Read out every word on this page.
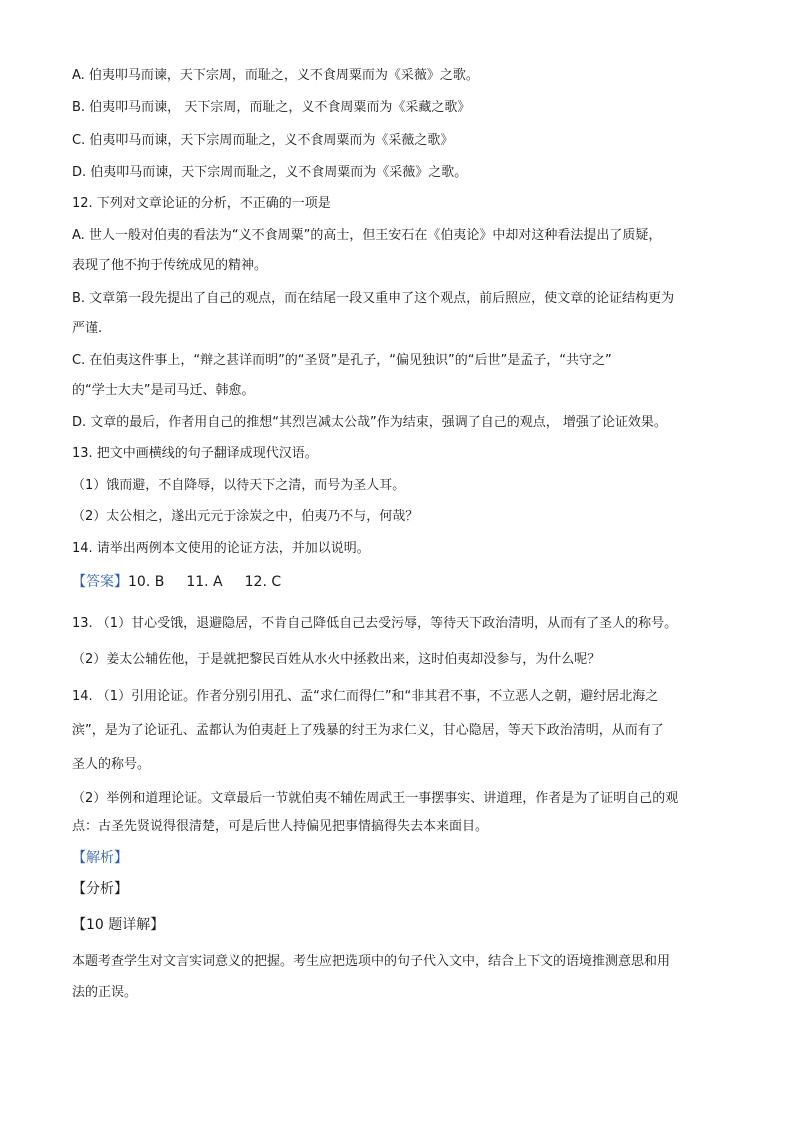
A. 伯夷叩马而谏，天下宗周，而耻之，义不食周粟而为《采薇》之歌。
B. 伯夷叩马而谏， 天下宗周，而耻之，义不食周粟而为《采藏之歌》
C. 伯夷叩马而谏，天下宗周而耻之，义不食周粟而为《采薇之歌》
D. 伯夷叩马而谏，天下宗周而耻之，义不食周粟而为《采薇》之歌。
12. 下列对文章论证的分析，不正确的一项是
A. 世人一般对伯夷的看法为“义不食周粟”的高士，但王安石在《伯夷论》中却对这种看法提出了质疑，
表现了他不拘于传统成见的精神。
B. 文章第一段先提出了自己的观点，而在结尾一段又重申了这个观点，前后照应，使文章的论证结构更为
严谨.
C. 在伯夷这件事上，“辩之甚详而明”的“圣贤”是孔子，“偏见独识”的“后世”是孟子，“共守之”
的“学士大夫”是司马迁、韩愈。
D. 文章的最后，作者用自己的推想“其烈岂减太公哉”作为结束，强调了自己的观点， 增强了论证效果。
13. 把文中画横线的句子翻译成现代汉语。
（1）饿而避，不自降辱，以待天下之清，而号为圣人耳。
（2）太公相之，遂出元元于涂炭之中，伯夷乃不与，何哉？
14. 请举出两例本文使用的论证方法，并加以说明。
【答案】10. B 11. A 12. C
13. （1）甘心受饿，退避隐居，不肯自己降低自己去受污辱，等待天下政治清明，从而有了圣人的称号。
（2）姜太公辅佐他，于是就把黎民百姓从水火中拯救出来，这时伯夷却没参与，为什么呢？
14. （1）引用论证。作者分别引用孔、孟“求仁而得仁”和“非其君不事，不立恶人之朝，避纣居北海之
滨”，是为了论证孔、孟都认为伯夷赶上了残暴的纣王为求仁义，甘心隐居，等天下政治清明，从而有了
圣人的称号。
（2）举例和道理论证。文章最后一节就伯夷不辅佐周武王一事摆事实、讲道理，作者是为了证明自己的观
点：古圣先贤说得很清楚，可是后世人持偏见把事情搞得失去本来面目。
【解析】
【分析】
【10 题详解】
本题考查学生对文言实词意义的把握。考生应把选项中的句子代入文中，结合上下文的语境推测意思和用
法的正误。
